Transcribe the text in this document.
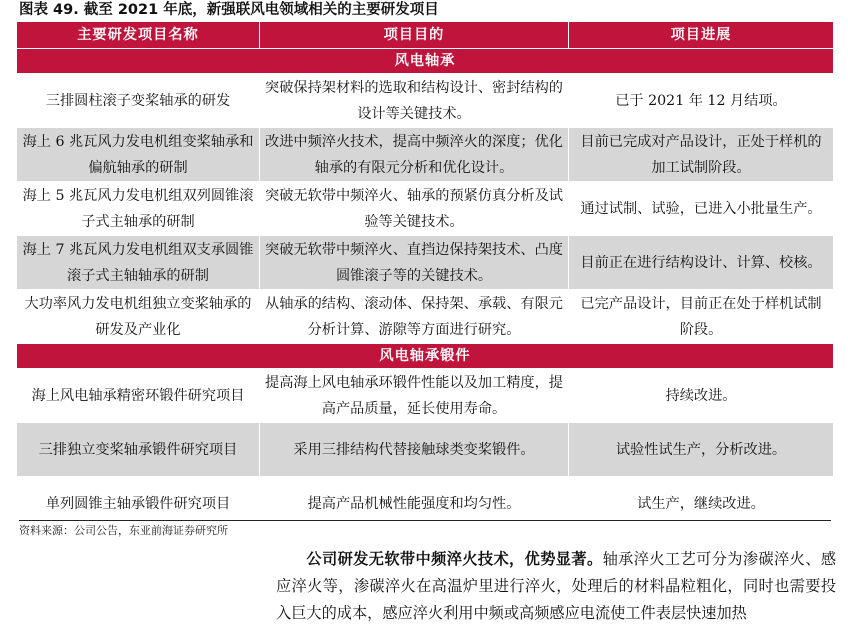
图表 49. 截至 2021 年底，新强联风电领域相关的主要研发项目
主要研发项目名称	项目目的	项目进展
风电轴承		
三排圆柱滚子变桨轴承的研发	突破保持架材料的选取和结构设计、密封结构的设计等关键技术。	已于 2021 年 12 月结项。
海上 6 兆瓦风力发电机组变桨轴承和偏航轴承的研制	改进中频淬火技术，提高中频淬火的深度；优化轴承的有限元分析和优化设计。	目前已完成对产品设计，正处于样机的加工试制阶段。
海上 5 兆瓦风力发电机组双列圆锥滚子式主轴承的研制	突破无软带中频淬火、轴承的预紧仿真分析及试验等关键技术。	通过试制、试验，已进入小批量生产。
海上 7 兆瓦风力发电机组双支承圆锥滚子式主轴轴承的研制	突破无软带中频淬火、直挡边保持架技术、凸度圆锥滚子等的关键技术。	目前正在进行结构设计、计算、校核。
大功率风力发电机组独立变桨轴承的研发及产业化	从轴承的结构、滚动体、保持架、承载、有限元分析计算、游隙等方面进行研究。	已完产品设计，目前正在处于样机试制阶段。
风电轴承锻件		
海上风电轴承精密环锻件研究项目	提高海上风电轴承环锻件性能以及加工精度，提高产品质量，延长使用寿命。	持续改进。
三排独立变桨轴承锻件研究项目	采用三排结构代替接触球类变桨锻件。	试验性试生产，分析改进。
单列圆锥主轴承锻件研究项目	提高产品机械性能强度和均匀性。	试生产，继续改进。
资料来源：公司公告，东亚前海证券研究所
公司研发无软带中频淬火技术，优势显著。轴承淬火工艺可分为渗碳淬火、感应淬火等，渗碳淬火在高温炉里进行淬火，处理后的材料晶粒粗化，同时也需要投入巨大的成本，感应淬火利用中频或高频感应电流使工件表层快速加热
